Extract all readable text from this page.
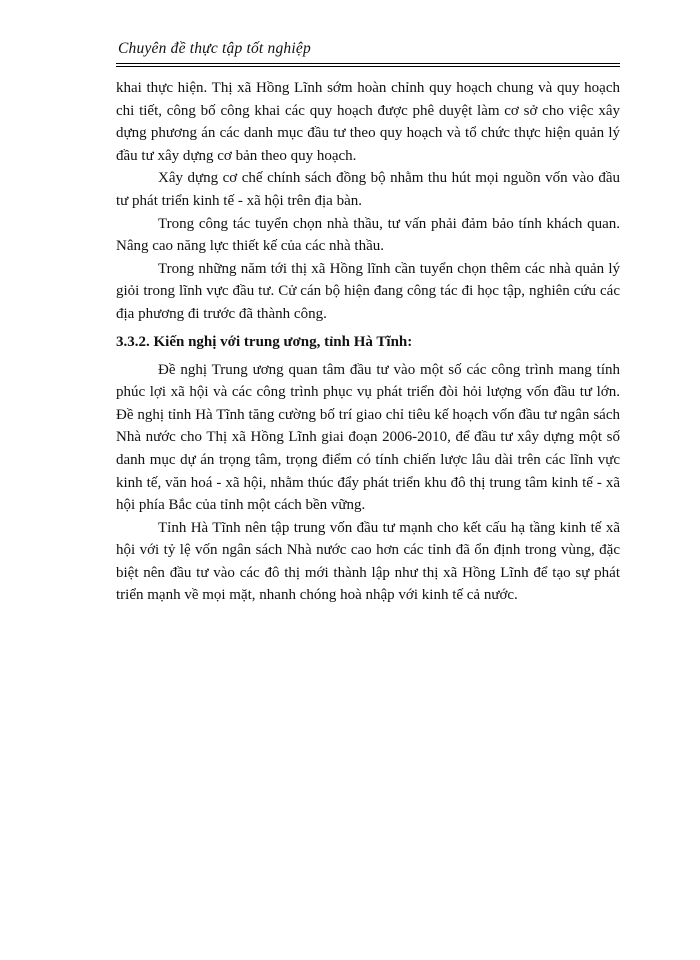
Chuyên đề thực tập tốt nghiệp

khai thực hiện. Thị xã Hồng Lĩnh sớm hoàn chỉnh quy hoạch chung và quy hoạch chi tiết, công bố công khai các quy hoạch được phê duyệt làm cơ sở cho việc xây dựng phương án các danh mục đầu tư theo quy hoạch và tổ chức thực hiện quản lý đầu tư xây dựng cơ bản theo quy hoạch.

Xây dựng cơ chế chính sách đồng bộ nhằm thu hút mọi nguồn vốn vào đầu tư phát triển kinh tế - xã hội trên địa bàn.

Trong công tác tuyển chọn nhà thầu, tư vấn phải đảm bảo tính khách quan. Nâng cao năng lực thiết kế của các nhà thầu.

Trong những năm tới thị xã Hồng lĩnh cần tuyển chọn thêm các nhà quản lý giỏi trong lĩnh vực đầu tư. Cử cán bộ hiện đang công tác đi học tập, nghiên cứu các địa phương đi trước đã thành công.

3.3.2. Kiến nghị với trung ương, tỉnh Hà Tĩnh:

Đề nghị Trung ương quan tâm đầu tư vào một số các công trình mang tính phúc lợi xã hội và các công trình phục vụ phát triển đòi hỏi lượng vốn đầu tư lớn. Đề nghị tỉnh Hà Tĩnh tăng cường bố trí giao chỉ tiêu kế hoạch vốn đầu tư ngân sách Nhà nước cho Thị xã Hồng Lĩnh giai đoạn 2006-2010, để đầu tư xây dựng một số danh mục dự án trọng tâm, trọng điểm có tính chiến lược lâu dài trên các lĩnh vực kinh tế, văn hoá - xã hội, nhằm thúc đẩy phát triển khu đô thị trung tâm kinh tế - xã hội phía Bắc của tỉnh một cách bền vững.

Tỉnh Hà Tĩnh nên tập trung vốn đầu tư mạnh cho kết cấu hạ tầng kinh tế xã hội với tỷ lệ vốn ngân sách Nhà nước cao hơn các tỉnh đã ổn định trong vùng, đặc biệt nên đầu tư vào các đô thị mới thành lập như thị xã Hồng Lĩnh để tạo sự phát triển mạnh về mọi mặt, nhanh chóng hoà nhập với kinh tế cả nước.
